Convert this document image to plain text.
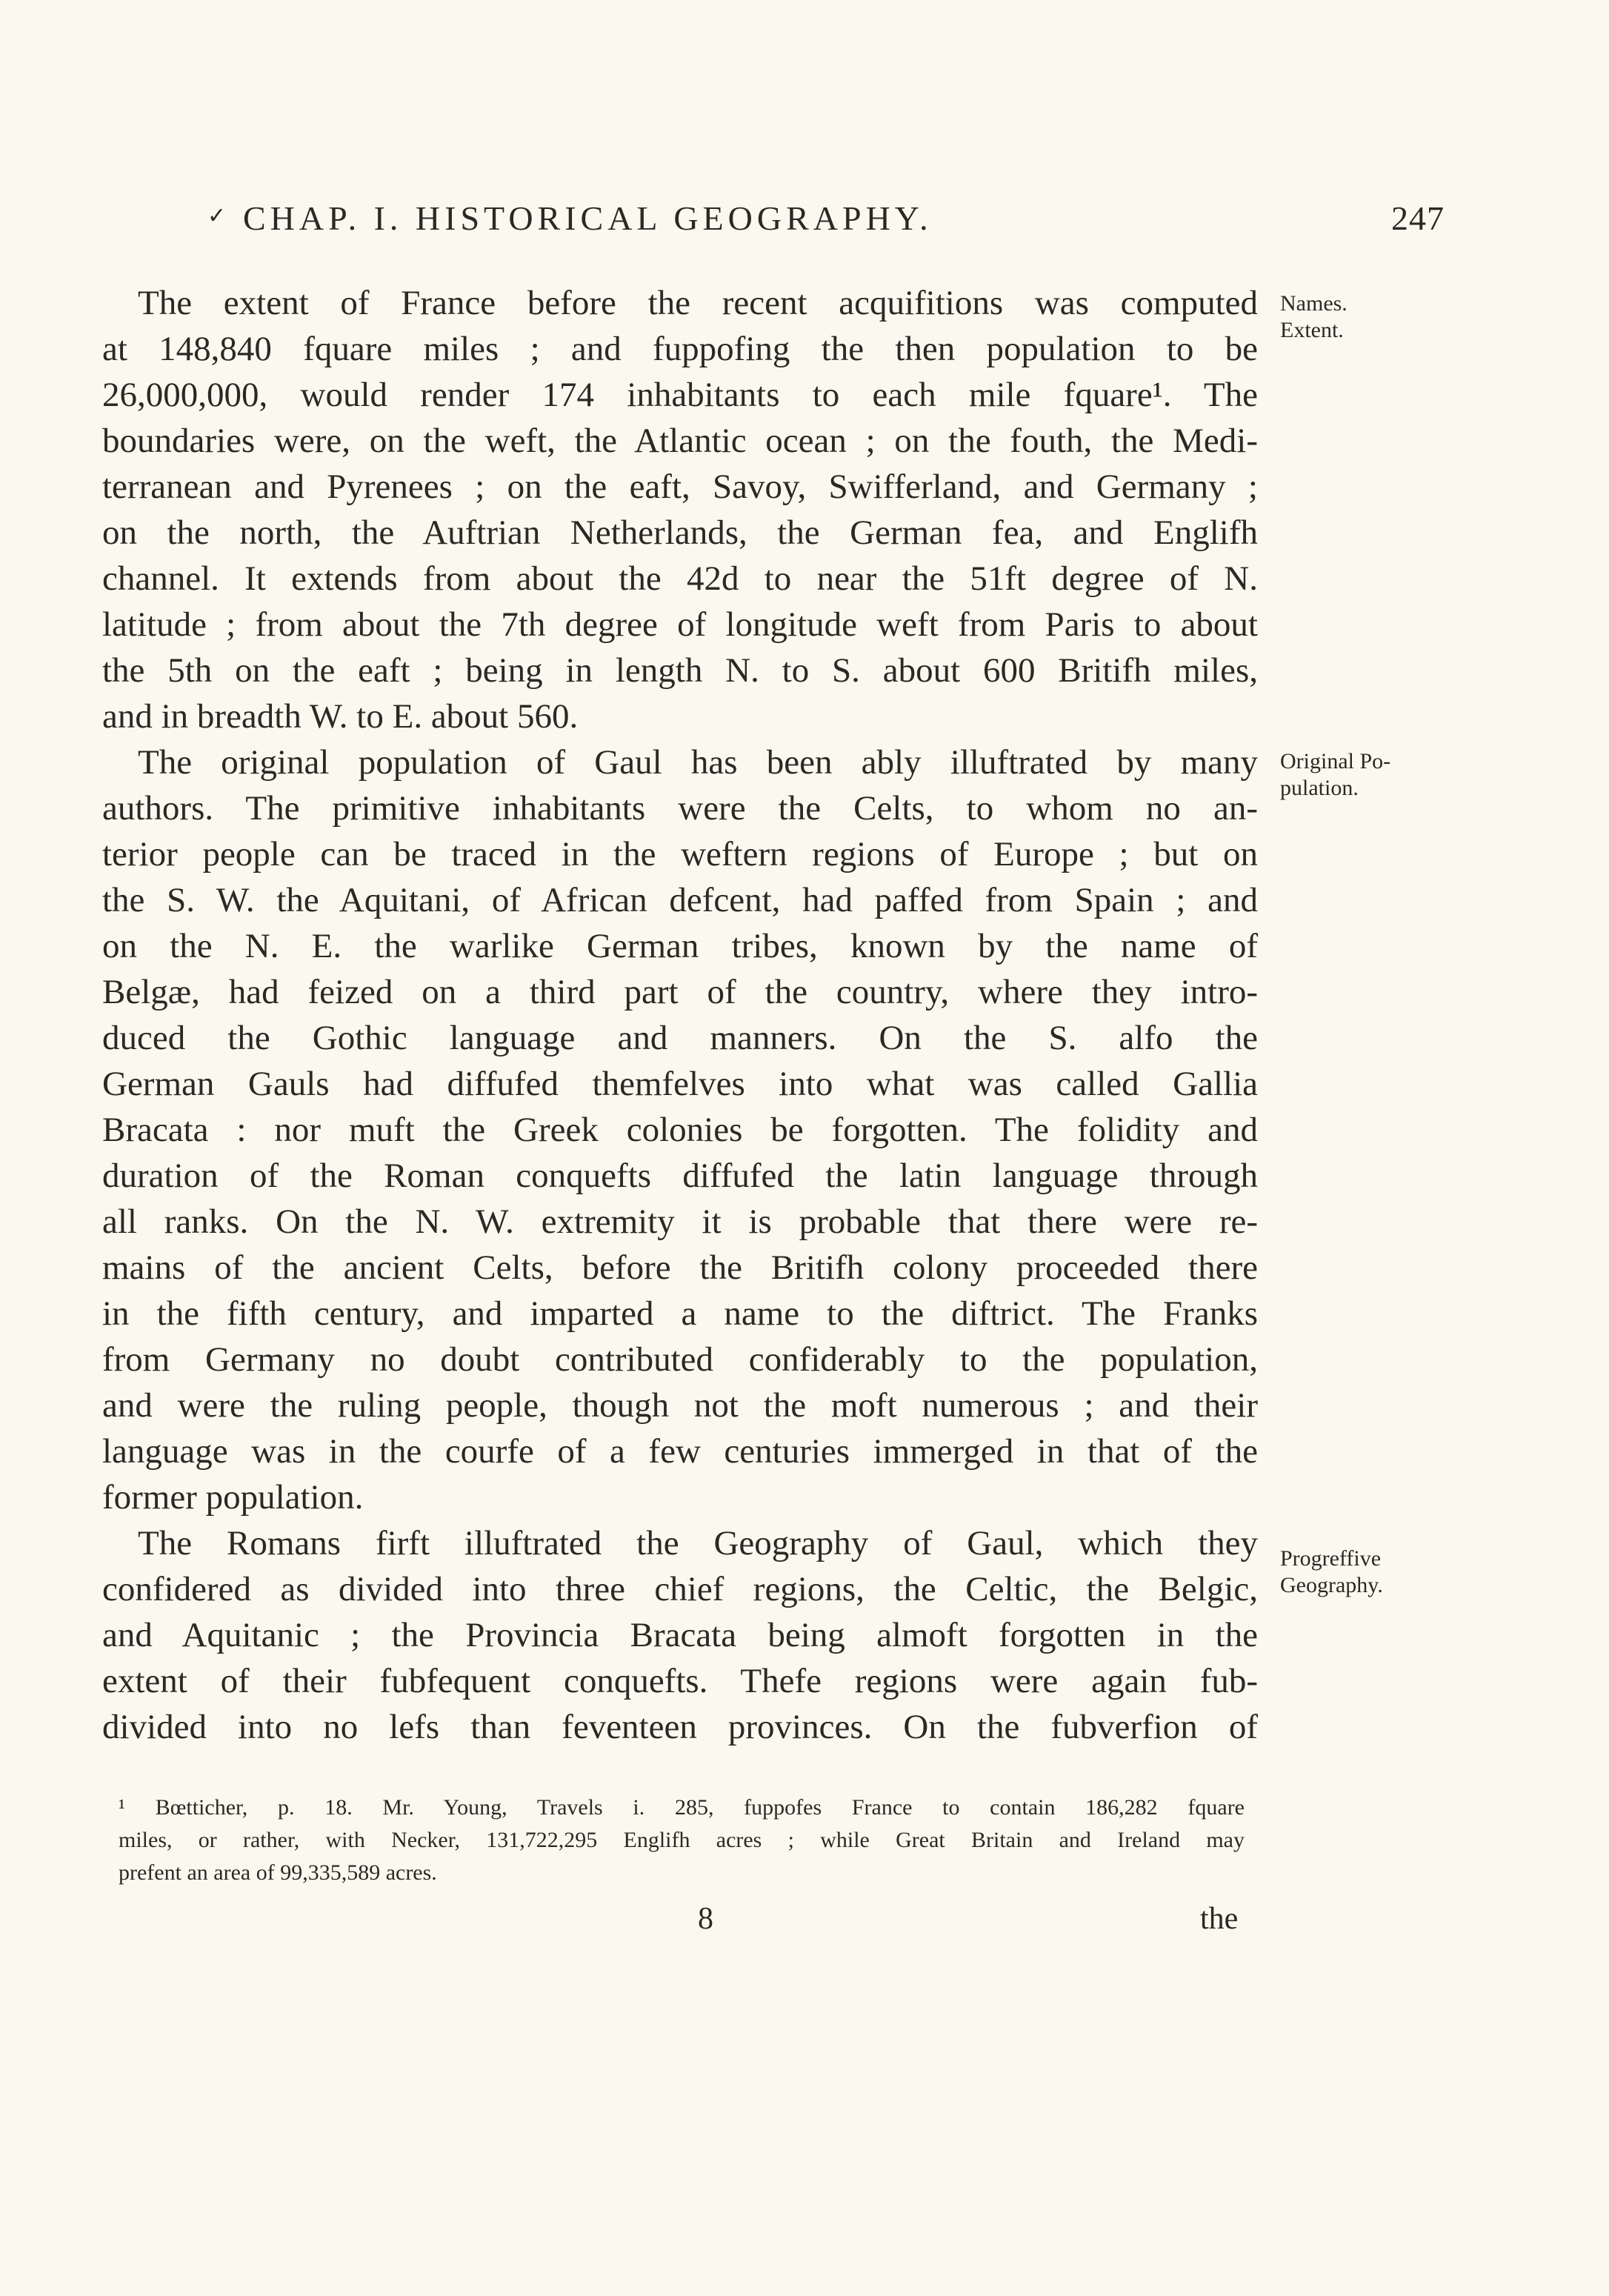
✓ CHAP. I. HISTORICAL GEOGRAPHY.	247
Names.
Extent.
Original Po-
pulation.
Progreffive
Geography.
The extent of France before the recent acquifitions was computed
at 148,840 fquare miles ; and fuppofing the then population to be
26,000,000, would render 174 inhabitants to each mile fquare¹. The
boundaries were, on the weft, the Atlantic ocean ; on the fouth, the Medi-
terranean and Pyrenees ; on the eaft, Savoy, Swifferland, and Germany ;
on the north, the Auftrian Netherlands, the German fea, and Englifh
channel. It extends from about the 42d to near the 51ft degree of N.
latitude ; from about the 7th degree of longitude weft from Paris to about
the 5th on the eaft ; being in length N. to S. about 600 Britifh miles,
and in breadth W. to E. about 560.
The original population of Gaul has been ably illuftrated by many
authors. The primitive inhabitants were the Celts, to whom no an-
terior people can be traced in the weftern regions of Europe ; but on
the S. W. the Aquitani, of African defcent, had paffed from Spain ; and
on the N. E. the warlike German tribes, known by the name of
Belgæ, had feized on a third part of the country, where they intro-
duced the Gothic language and manners. On the S. alfo the
German Gauls had diffufed themfelves into what was called Gallia
Bracata : nor muft the Greek colonies be forgotten. The folidity and
duration of the Roman conquefts diffufed the latin language through
all ranks. On the N. W. extremity it is probable that there were re-
mains of the ancient Celts, before the Britifh colony proceeded there
in the fifth century, and imparted a name to the diftrict. The Franks
from Germany no doubt contributed confiderably to the population,
and were the ruling people, though not the moft numerous ; and their
language was in the courfe of a few centuries immerged in that of the
former population.
The Romans firft illuftrated the Geography of Gaul, which they
confidered as divided into three chief regions, the Celtic, the Belgic,
and Aquitanic ; the Provincia Bracata being almoft forgotten in the
extent of their fubfequent conquefts. Thefe regions were again fub-
divided into no lefs than feventeen provinces. On the fubverfion of
¹ Bœtticher, p. 18. Mr. Young, Travels i. 285, fuppofes France to contain 186,282 fquare
miles, or rather, with Necker, 131,722,295 Englifh acres ; while Great Britain and Ireland may
prefent an area of 99,335,589 acres.
8	the
